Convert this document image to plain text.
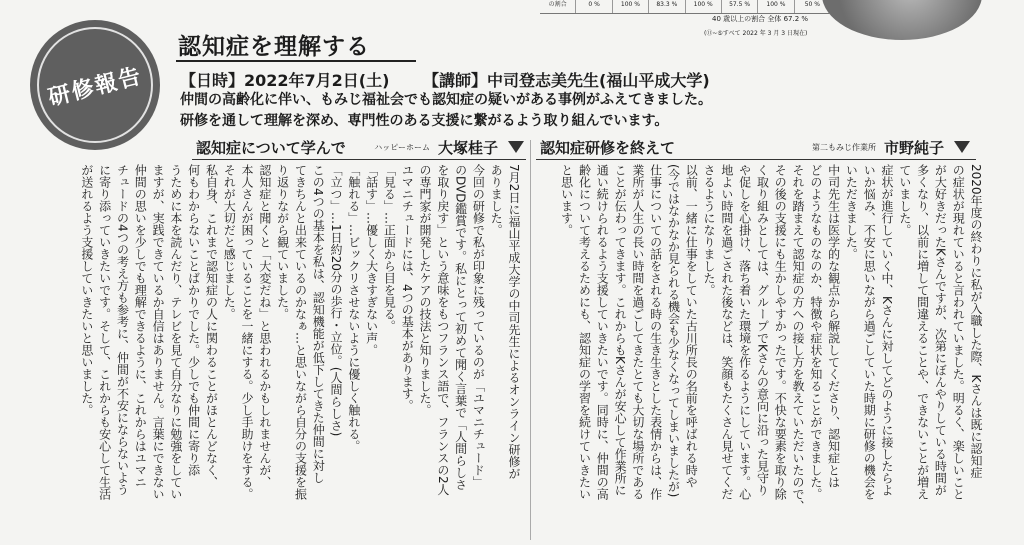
の割合	0 %	100 %	83.3 %	100 %	57.5 %	100 %	50 %
40 歳以上の割合 全体 67.2 %
(⑪~⑤すべて 2022 年 3 月 3 日現在)
研修報告
認知症を理解する
【日時】2022年7月2日(土) 【講師】中司登志美先生(福山平成大学)
仲間の高齢化に伴い、もみじ福祉会でも認知症の疑いがある事例がふえてきました。
研修を通して理解を深め、専門性のある支援に繋がるよう取り組んでいます。
認知症について学んで	ハッピーホーム 大塚桂子	認知症研修を終えて	第二もみじ作業所 市野純子
2020年度の終わりに私が入職した際、Kさんは既に認知症
の症状が現れていると言われていました。明るく、楽しいこと
が大好きだったKさんですが、次第にぼんやりしている時間が
多くなり、以前に増して間違えることや、できないことが増え
ていました。
症状が進行していく中、Kさんに対してどのように接したらよ
いか悩み、不安に思いながら過ごしていた時期に研修の機会を
いただきました。
中司先生は医学的な観点から解説してくださり、認知症とは
どのようなものなのか、特徴や症状を知ることができました。
それを踏まえて認知症の方への接し方を教えていただいたので、
その後の支援にも生かしやすかったです。不快な要素を取り除
く取り組みとしては、グループでKさんの意向に沿った見守り
や促しを心掛け、落ち着いた環境を作るようにしています。心
地よい時間を過ごされた後などは、笑顔もたくさん見せてくだ
さるようになりました。
以前、一緒に仕事をしていた古川所長の名前を呼ばれる時や
(今ではなかなか見られる機会も少なくなってしまいましたが)
仕事についての話をされる時の生き生きとした表情からは、作
業所が人生の長い時間を過ごしてきたとても大切な場所である
ことが伝わってきます。これからもKさんが安心して作業所に
通い続けられるよう支援していきたいです。同時に、仲間の高
齢化について考えるためにも、認知症の学習を続けていきたい
と思います。
7月2日に福山平成大学の中司先生によるオンライン研修が
ありました。
今回の研修で私が印象に残っているのが「ユマニチュード」
のDVD鑑賞です。私にとって初めて聞く言葉で「人間らしさ
を取り戻す」という意味をもつフランス語で、フランスの2人
の専門家が開発したケアの技法と知りました。
ユマニチュードには、4つの基本があります。
「見る」…正面から目を見る。
「話す」…優しく大きすぎない声。
「触れる」…ビックリさせないように優しく触れる。
「立つ」…1日約20分の歩行・立位。(人間らしさ)
この4つの基本を私は、認知機能が低下してきた仲間に対し
てきちんと出来ているのかなぁ…と思いながら自分の支援を振
り返りながら観ていました。
認知症と聞くと「大変だね」と思われるかもしれませんが、
本人さんが困っていることを一緒にする。少し手助けをする。
それが大切だと感じました。
私自身、これまで認知症の人に関わることがほとんどなく、
何もわからないことばかりでした。少しでも仲間に寄り添
うために本を読んだり、テレビを見て自分なりに勉強をしてい
ますが、実践できているか自信はありません。言葉にできない
仲間の思いを少しでも理解できるように、これからはユマニ
チュードの4つの考え方も参考に、仲間が不安にならないよう
に寄り添っていきたいです。そして、これからも安心して生活
が送れるよう支援していきたいと思いました。
